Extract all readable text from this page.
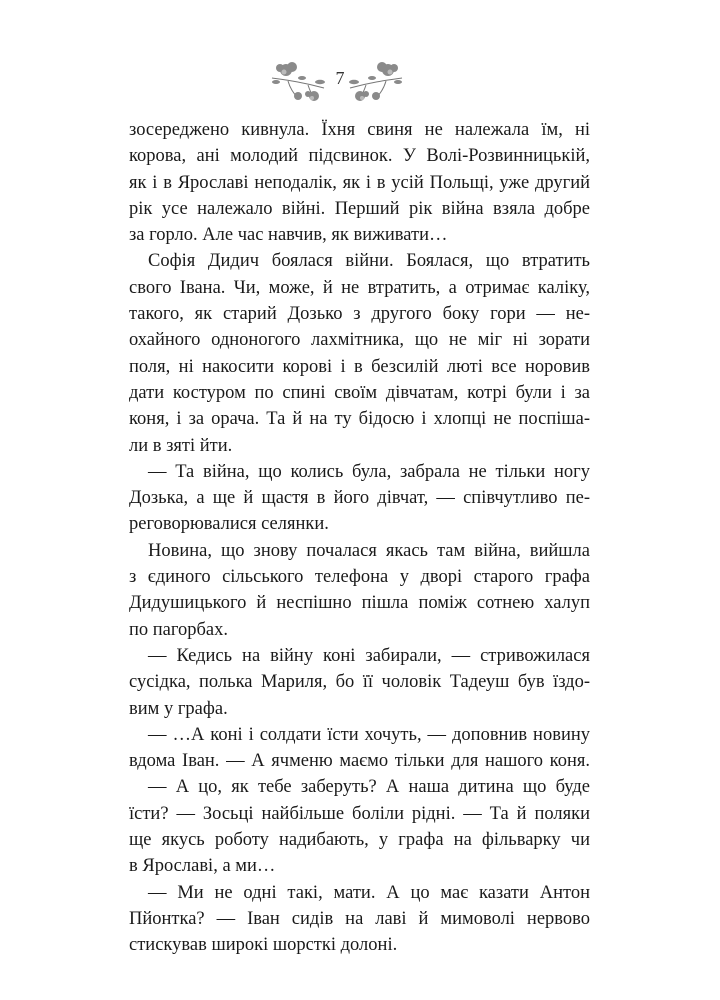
7

зосереджено кивнула. Їхня свиня не належала їм, ні
корова, ані молодий підсвинок. У Волі-Розвинницькій,
як і в Ярославі неподалік, як і в усій Польщі, уже другий
рік усе належало війні. Перший рік війна взяла добре
за горло. Але час навчив, як виживати…

Софія Дидич боялася війни. Боялася, що втратить
свого Івана. Чи, може, й не втратить, а отримає каліку,
такого, як старий Дозько з другого боку гори — не-
охайного одноногого лахмітника, що не міг ні зорати
поля, ні накосити корові і в безсилій люті все норовив
дати костуром по спині своїм дівчатам, котрі були і за
коня, і за орача. Та й на ту бідосю і хлопці не поспіша-
ли в зяті йти.

— Та війна, що колись була, забрала не тільки ногу
Дозька, а ще й щастя в його дівчат, — співчутливо пе-
реговорювалися селянки.

Новина, що знову почалася якась там війна, вийшла
з єдиного сільського телефона у дворі старого графа
Дидушицького й неспішно пішла поміж сотнею халуп
по пагорбах.

— Кедись на війну коні забирали, — стривожилася
сусідка, полька Мариля, бо її чоловік Тадеуш був їздо-
вим у графа.

— …А коні і солдати їсти хочуть, — доповнив новину
вдома Іван. — А ячменю маємо тільки для нашого коня.

— А цо, як тебе заберуть? А наша дитина що буде
їсти? — Зосьці найбільше боліли рідні. — Та й поляки
ще якусь роботу надибають, у графа на фільварку чи
в Ярославі, а ми…

— Ми не одні такі, мати. А цо має казати Антон
Пйонтка? — Іван сидів на лаві й мимоволі нервово
стискував широкі шорсткі долоні.
